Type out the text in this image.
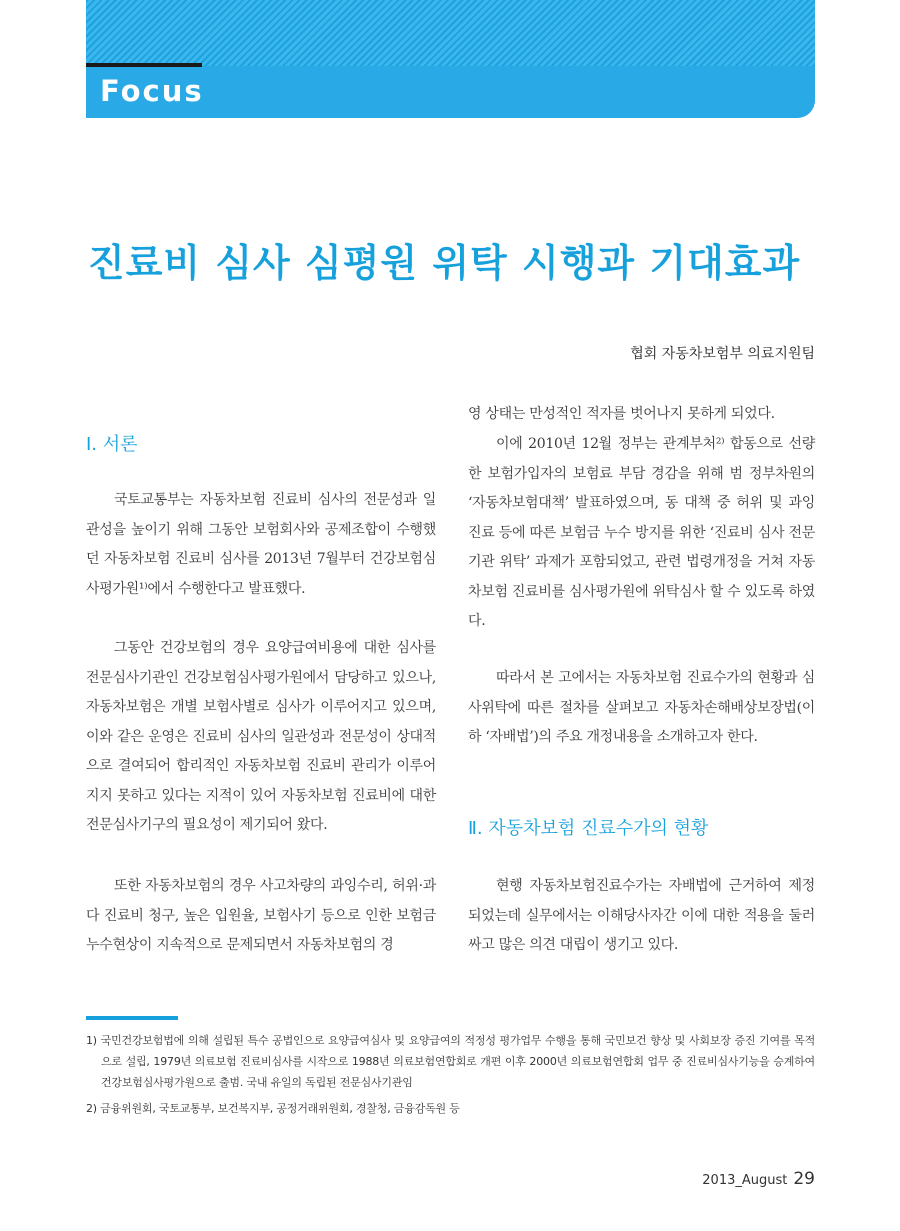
Focus
진료비 심사 심평원 위탁 시행과 기대효과
협회 자동차보험부 의료지원팀
Ⅰ. 서론
국토교통부는 자동차보험 진료비 심사의 전문성과 일관성을 높이기 위해 그동안 보험회사와 공제조합이 수행했던 자동차보험 진료비 심사를 2013년 7월부터 건강보험심사평가원¹⁾에서 수행한다고 발표했다.
그동안 건강보험의 경우 요양급여비용에 대한 심사를 전문심사기관인 건강보험심사평가원에서 담당하고 있으나, 자동차보험은 개별 보험사별로 심사가 이루어지고 있으며, 이와 같은 운영은 진료비 심사의 일관성과 전문성이 상대적으로 결여되어 합리적인 자동차보험 진료비 관리가 이루어지지 못하고 있다는 지적이 있어 자동차보험 진료비에 대한 전문심사기구의 필요성이 제기되어 왔다.
또한 자동차보험의 경우 사고차량의 과잉수리, 허위·과다 진료비 청구, 높은 입원율, 보험사기 등으로 인한 보험금 누수현상이 지속적으로 문제되면서 자동차보험의 경
영 상태는 만성적인 적자를 벗어나지 못하게 되었다.
이에 2010년 12월 정부는 관계부처²⁾ 합동으로 선량한 보험가입자의 보험료 부담 경감을 위해 범 정부차원의 ‘자동차보험대책’ 발표하였으며, 동 대책 중 허위 및 과잉 진료 등에 따른 보험금 누수 방지를 위한 ‘진료비 심사 전문기관 위탁’ 과제가 포함되었고, 관련 법령개정을 거쳐 자동차보험 진료비를 심사평가원에 위탁심사 할 수 있도록 하였다.
따라서 본 고에서는 자동차보험 진료수가의 현황과 심사위탁에 따른 절차를 살펴보고 자동차손해배상보장법(이하 ‘자배법’)의 주요 개정내용을 소개하고자 한다.
Ⅱ. 자동차보험 진료수가의 현황
현행 자동차보험진료수가는 자배법에 근거하여 제정되었는데 실무에서는 이해당사자간 이에 대한 적용을 둘러싸고 많은 의견 대립이 생기고 있다.
1) 국민건강보험법에 의해 설립된 특수 공법인으로 요양급여심사 및 요양급여의 적정성 평가업무 수행을 통해 국민보건 향상 및 사회보장 증진 기여를 목적으로 설립, 1979년 의료보험 진료비심사를 시작으로 1988년 의료보험연합회로 개편 이후 2000년 의료보험연합회 업무 중 진료비심사기능을 승계하여 건강보험심사평가원으로 출범. 국내 유일의 독립된 전문심사기관임
2) 금융위원회, 국토교통부, 보건복지부, 공정거래위원회, 경찰청, 금융감독원 등
2013_August 29
